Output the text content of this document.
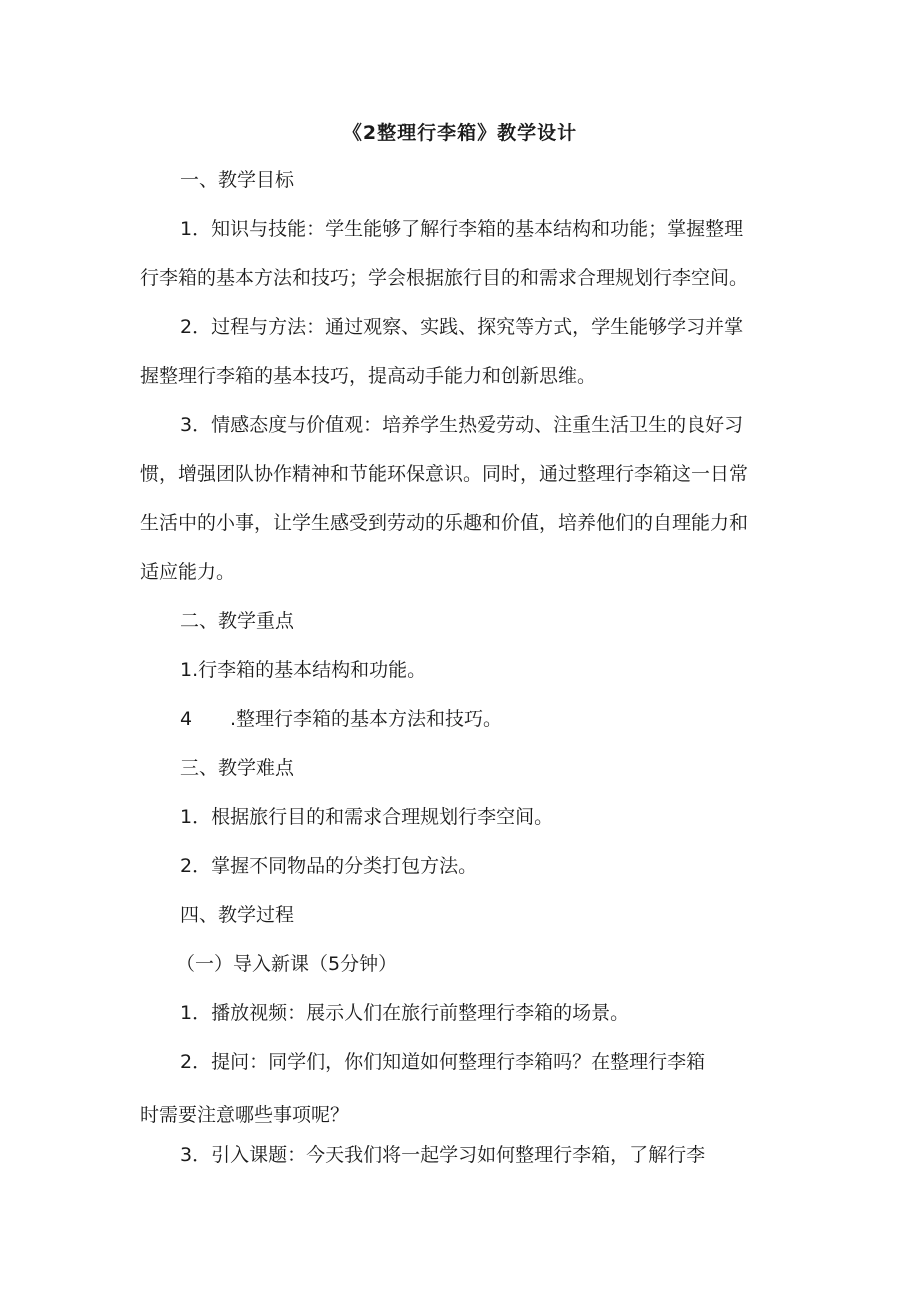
《2整理行李箱》教学设计
一、教学目标
1．知识与技能：学生能够了解行李箱的基本结构和功能；掌握整理
行李箱的基本方法和技巧；学会根据旅行目的和需求合理规划行李空间。
2．过程与方法：通过观察、实践、探究等方式，学生能够学习并掌
握整理行李箱的基本技巧，提高动手能力和创新思维。
3．情感态度与价值观：培养学生热爱劳动、注重生活卫生的良好习
惯，增强团队协作精神和节能环保意识。同时，通过整理行李箱这一日常
生活中的小事，让学生感受到劳动的乐趣和价值，培养他们的自理能力和
适应能力。
二、教学重点
1.行李箱的基本结构和功能。
4 .整理行李箱的基本方法和技巧。
三、教学难点
1．根据旅行目的和需求合理规划行李空间。
2．掌握不同物品的分类打包方法。
四、教学过程
（一）导入新课（5分钟）
1．播放视频：展示人们在旅行前整理行李箱的场景。
2．提问：同学们，你们知道如何整理行李箱吗？在整理行李箱
时需要注意哪些事项呢？
3．引入课题：今天我们将一起学习如何整理行李箱，了解行李
